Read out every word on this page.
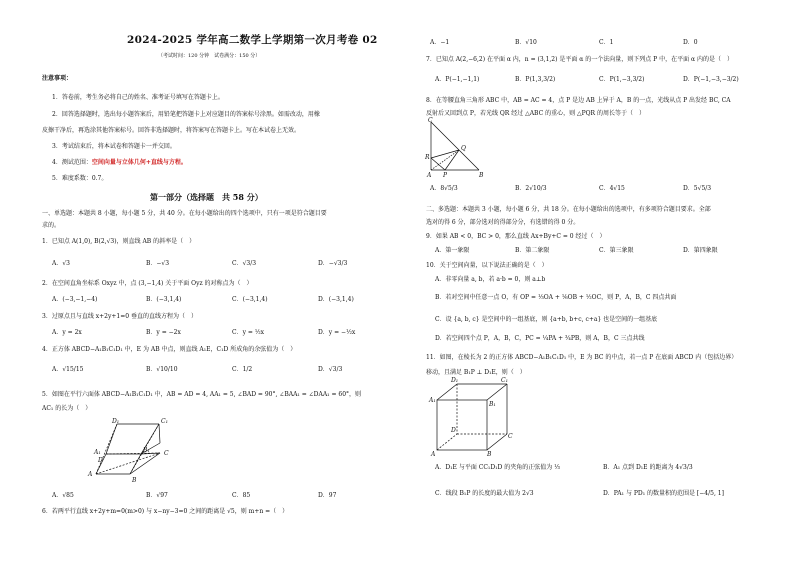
2024-2025 学年高二数学上学期第一次月考卷 02
（考试时间：120 分钟　试卷满分：150 分）
注意事项：
1．答卷前，考生务必将自己的姓名、准考证号填写在答题卡上。
2．回答选择题时，选出每小题答案后，用铅笔把答题卡上对应题目的答案标号涂黑。如需改动，用橡
皮擦干净后，再选涂其他答案标号。回答非选择题时，将答案写在答题卡上。写在本试卷上无效。
3．考试结束后，将本试卷和答题卡一并交回。
4．测试范围：空间向量与立体几何+直线与方程。
5．难度系数：0.7。
第一部分（选择题　共 58 分）
一、单选题：本题共 8 小题，每小题 5 分，共 40 分。在每小题给出的四个选项中，只有一项是符合题目要
求的。
1．已知点 A(1,0), B(2,√3)，则直线 AB 的斜率是（　）
A．√3	B．−√3	C．√3/3	D．−√3/3
2．在空间直角坐标系 Oxyz 中，点 (3,−1,4) 关于平面 Oyz 的对称点为（　）
A．(−3,−1,−4)	B．(−3,1,4)	C．(−3,1,4)	D．(−3,1,4)
3．过原点且与直线 x+2y+1=0 垂直的直线方程为（　）
A．y = 2x	B．y = −2x	C．y = ½x	D．y = −½x
4．正方体 ABCD−A₁B₁C₁D₁ 中，E 为 AB 中点，则直线 A₁E，C₁D 所成角的余弦值为（　）
A．√15/15	B．√10/10	C．1/2	D．√3/3
5．如图在平行六面体 ABCD−A₁B₁C₁D₁ 中，AB = AD = 4, AA₁ = 5, ∠BAD = 90°, ∠BAA₁ = ∠DAA₁ = 60°，则
AC₁ 的长为（　）
D₁	C₁
A₁	B₁
D
C
A
B
A．√85	B．√97	C．85	D．97
6．若两平行直线 x+2y+m=0(m>0) 与 x−ny−3=0 之间的距离是 √5，则 m+n =（　）
A．−1	B．√10	C．1	D．0
7．已知点 A(2,−6,2) 在平面 α 内，n = (3,1,2) 是平面 α 的一个法向量，则下列点 P 中，在平面 α 内的是（　）
A．P(−1,−1,1)	B．P(1,3,3/2)	C．P(1,−3,3/2)	D．P(−1,−3,−3/2)
8．在等腰直角三角形 ABC 中，AB = AC = 4，点 P 是边 AB 上异于 A，B 的一点，光线从点 P 出发经 BC, CA
反射后又回到点 P，若光线 QR 经过 △ABC 的重心，则 △PQR 的周长等于（　）
C
Q
R
A P	B
A．8√5/3	B．2√10/3	C．4√15	D．5√5/3
二、多选题：本题共 3 小题，每小题 6 分，共 18 分。在每小题给出的选项中，有多项符合题目要求。全部
选对的得 6 分，部分选对的得部分分，有选错的得 0 分。
9．如果 AB < 0，BC > 0，那么直线 Ax+By+C = 0 经过（　）
A．第一象限	B．第二象限	C．第三象限	D．第四象限
10．关于空间向量，以下说法正确的是（　）
A．非零向量 a, b，若 a·b = 0，则 a⊥b
B．若对空间中任意一点 O，有 OP = ⅓OA + ⅙OB + ½OC，则 P，A，B，C 四点共面
C．设 {a, b, c} 是空间中的一组基底，则 {a+b, b+c, c+a} 也是空间的一组基底
D．若空间四个点 P，A，B，C，PC = ¼PA + ¾PB，则 A，B，C 三点共线
11．如图，在棱长为 2 的正方体 ABCD−A₁B₁C₁D₁ 中，E 为 BC 的中点，若一点 P 在底面 ABCD 内（包括边界）
移动，且满足 B₁P ⊥ D₁E，则（　）
D₁	C₁
A₁
B₁
D
C
A	B
A．D₁E 与平面 CC₁D₁D 的夹角的正弦值为 ⅓	B．A₁ 点到 D₁E 的距离为 4√3/3
C．线段 B₁P 的长度的最大值为 2√3	D．PA₁ 与 PD₁ 的数量积的范围是 [−4/5, 1]
